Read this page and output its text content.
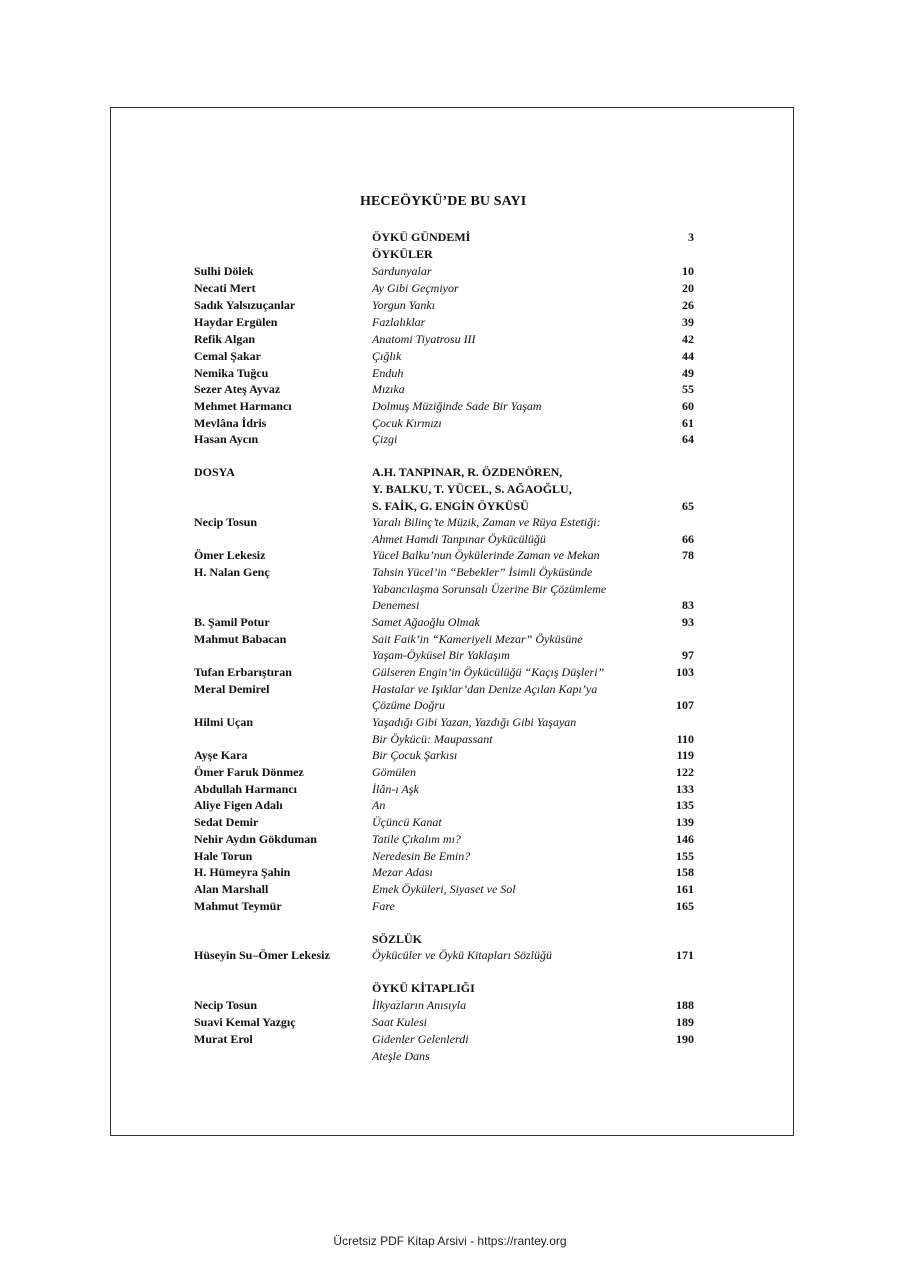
HECEÖYKÜ’DE BU SAYI
ÖYKÜ GÜNDEMİ	3
ÖYKÜLER
Sulhi Dölek	Sardunyalar	10
Necati Mert	Ay Gibi Geçmiyor	20
Sadık Yalsızuçanlar	Yorgun Yankı	26
Haydar Ergülen	Fazlalıklar	39
Refik Algan	Anatomi Tiyatrosu III	42
Cemal Şakar	Çığlık	44
Nemika Tuğcu	Enduh	49
Sezer Ateş Ayvaz	Mızıka	55
Mehmet Harmancı	Dolmuş Müziğinde Sade Bir Yaşam	60
Mevlâna İdris	Çocuk Kırmızı	61
Hasan Aycın	Çizgi	64
DOSYA	A.H. TANPINAR, R. ÖZDENÖREN,
Y. BALKU, T. YÜCEL, S. AĞAOĞLU,
S. FAİK, G. ENGİN ÖYKÜSÜ	65
Necip Tosun	Yaralı Bilinç’te Müzik, Zaman ve Rüya Estetiği:
Ahmet Hamdi Tanpınar Öykücülüğü	66
Ömer Lekesiz	Yücel Balku’nun Öykülerinde Zaman ve Mekan	78
H. Nalan Genç	Tahsin Yücel’in “Bebekler” İsimli Öyküsünde
Yabancılaşma Sorunsalı Üzerine Bir Çözümleme
Denemesi	83
B. Şamil Potur	Samet Ağaoğlu Olmak	93
Mahmut Babacan	Sait Faik’in “Kameriyeli Mezar” Öyküsüne
Yaşam-Öyküsel Bir Yaklaşım	97
Tufan Erbarıştıran	Gülseren Engin’in Öykücülüğü “Kaçış Düşleri”	103
Meral Demirel	Hastalar ve Işıklar’dan Denize Açılan Kapı’ya
Çözüme Doğru	107
Hilmi Uçan	Yaşadığı Gibi Yazan, Yazdığı Gibi Yaşayan
Bir Öykücü: Maupassant	110
Ayşe Kara	Bir Çocuk Şarkısı	119
Ömer Faruk Dönmez	Gömülen	122
Abdullah Harmancı	İlân-ı Aşk	133
Aliye Figen Adalı	An	135
Sedat Demir	Üçüncü Kanat	139
Nehir Aydın Gökduman	Tatile Çıkalım mı?	146
Hale Torun	Neredesin Be Emin?	155
H. Hümeyra Şahin	Mezar Adası	158
Alan Marshall	Emek Öyküleri, Siyaset ve Sol	161
Mahmut Teymür	Fare	165
SÖZLÜK
Hüseyin Su–Ömer Lekesiz	Öykücüler ve Öykü Kitapları Sözlüğü	171
ÖYKÜ KİTAPLIĞI
Necip Tosun	İlkyazların Anısıyla	188
Suavi Kemal Yazgıç	Saat Kulesi	189
Murat Erol	Gidenler Gelenlerdi	190
Ateşle Dans
Ücretsiz PDF Kitap Arsivi - https://rantey.org
